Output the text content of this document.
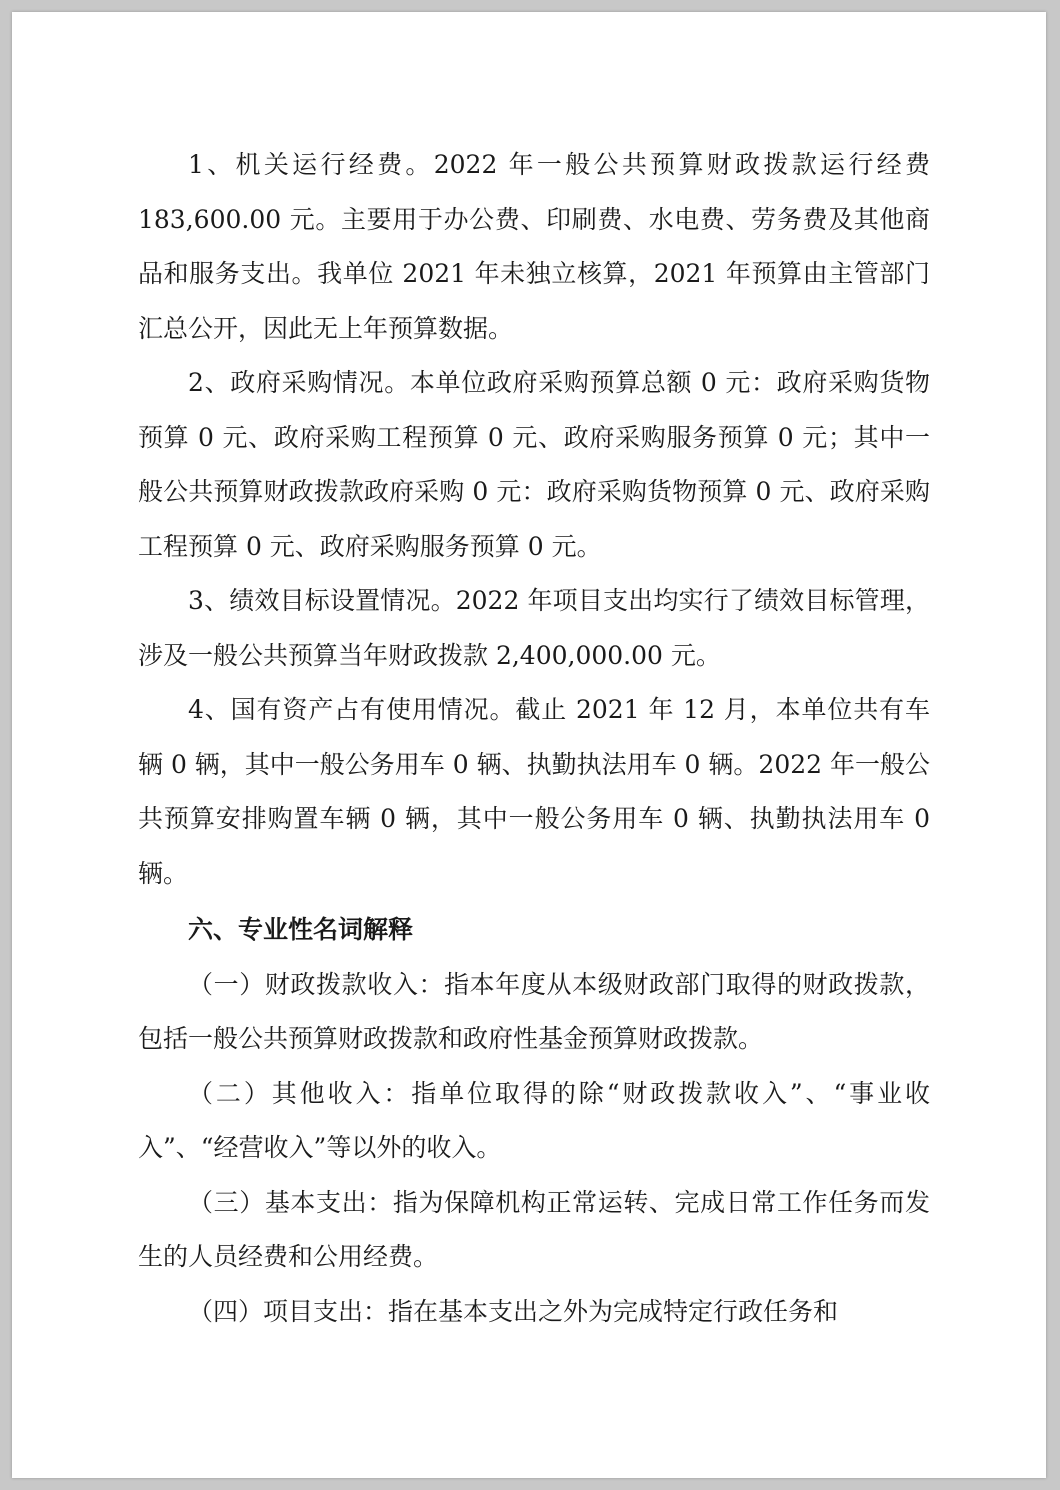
1、机关运行经费。2022 年一般公共预算财政拨款运行经费 183,600.00 元。主要用于办公费、印刷费、水电费、劳务费及其他商品和服务支出。我单位 2021 年未独立核算，2021 年预算由主管部门汇总公开，因此无上年预算数据。

2、政府采购情况。本单位政府采购预算总额 0 元：政府采购货物预算 0 元、政府采购工程预算 0 元、政府采购服务预算 0 元；其中一般公共预算财政拨款政府采购 0 元：政府采购货物预算 0 元、政府采购工程预算 0 元、政府采购服务预算 0 元。

3、绩效目标设置情况。2022 年项目支出均实行了绩效目标管理，涉及一般公共预算当年财政拨款 2,400,000.00 元。

4、国有资产占有使用情况。截止 2021 年 12 月，本单位共有车辆 0 辆，其中一般公务用车 0 辆、执勤执法用车 0 辆。2022 年一般公共预算安排购置车辆 0 辆，其中一般公务用车 0 辆、执勤执法用车 0 辆。

六、专业性名词解释

（一）财政拨款收入：指本年度从本级财政部门取得的财政拨款，包括一般公共预算财政拨款和政府性基金预算财政拨款。

（二）其他收入：指单位取得的除“财政拨款收入”、“事业收入”、“经营收入”等以外的收入。

（三）基本支出：指为保障机构正常运转、完成日常工作任务而发生的人员经费和公用经费。

（四）项目支出：指在基本支出之外为完成特定行政任务和
